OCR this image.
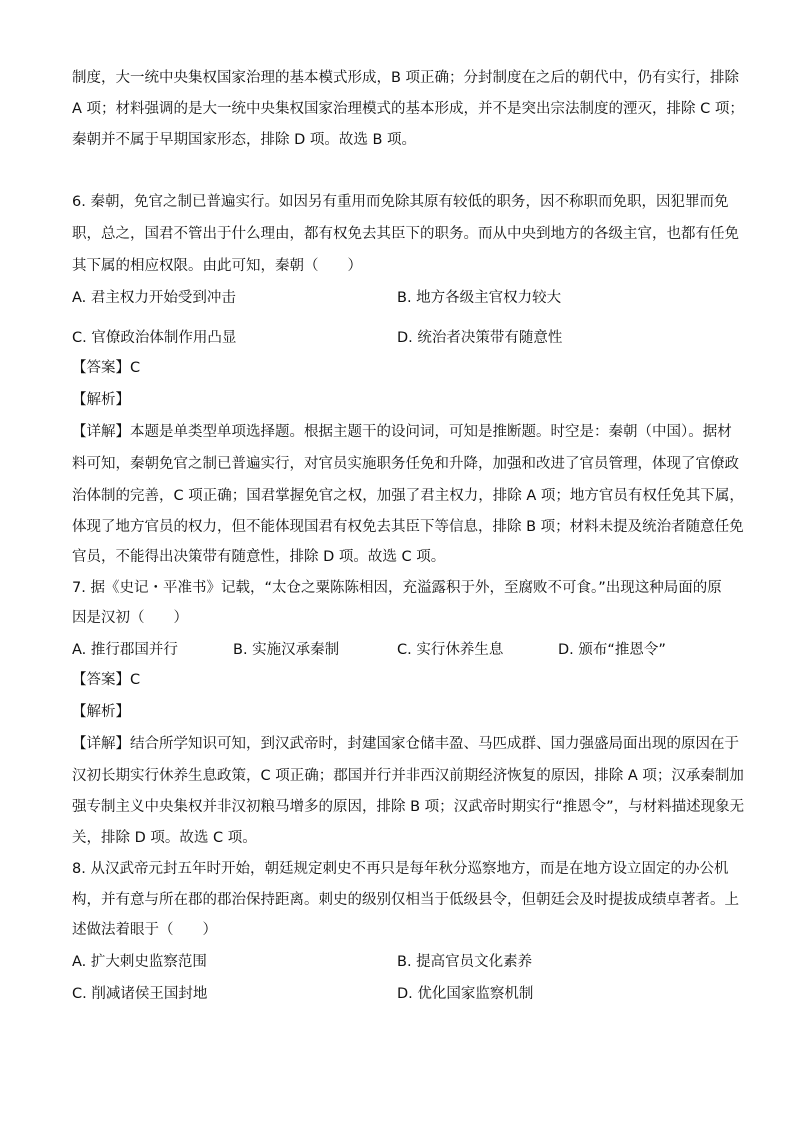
制度，大一统中央集权国家治理的基本模式形成，B 项正确；分封制度在之后的朝代中，仍有实行，排除
A 项；材料强调的是大一统中央集权国家治理模式的基本形成，并不是突出宗法制度的湮灭，排除 C 项；
秦朝并不属于早期国家形态，排除 D 项。故选 B 项。
6. 秦朝，免官之制已普遍实行。如因另有重用而免除其原有较低的职务，因不称职而免职，因犯罪而免
职，总之，国君不管出于什么理由，都有权免去其臣下的职务。而从中央到地方的各级主官，也都有任免
其下属的相应权限。由此可知，秦朝（　　）
A. 君主权力开始受到冲击	B. 地方各级主官权力较大
C. 官僚政治体制作用凸显	D. 统治者决策带有随意性
【答案】C
【解析】
【详解】本题是单类型单项选择题。根据主题干的设问词，可知是推断题。时空是：秦朝（中国）。据材
料可知，秦朝免官之制已普遍实行，对官员实施职务任免和升降，加强和改进了官员管理，体现了官僚政
治体制的完善，C 项正确；国君掌握免官之权，加强了君主权力，排除 A 项；地方官员有权任免其下属，
体现了地方官员的权力，但不能体现国君有权免去其臣下等信息，排除 B 项；材料未提及统治者随意任免
官员，不能得出决策带有随意性，排除 D 项。故选 C 项。
7. 据《史记・平准书》记载，“太仓之粟陈陈相因，充溢露积于外，至腐败不可食。”出现这种局面的原
因是汉初（　　）
A. 推行郡国并行	B. 实施汉承秦制	C. 实行休养生息	D. 颁布“推恩令”
【答案】C
【解析】
【详解】结合所学知识可知，到汉武帝时，封建国家仓储丰盈、马匹成群、国力强盛局面出现的原因在于
汉初长期实行休养生息政策，C 项正确；郡国并行并非西汉前期经济恢复的原因，排除 A 项；汉承秦制加
强专制主义中央集权并非汉初粮马增多的原因，排除 B 项；汉武帝时期实行“推恩令”，与材料描述现象无
关，排除 D 项。故选 C 项。
8. 从汉武帝元封五年时开始，朝廷规定刺史不再只是每年秋分巡察地方，而是在地方设立固定的办公机
构，并有意与所在郡的郡治保持距离。刺史的级别仅相当于低级县令，但朝廷会及时提拔成绩卓著者。上
述做法着眼于（　　）
A. 扩大刺史监察范围	B. 提高官员文化素养
C. 削减诸侯王国封地	D. 优化国家监察机制
